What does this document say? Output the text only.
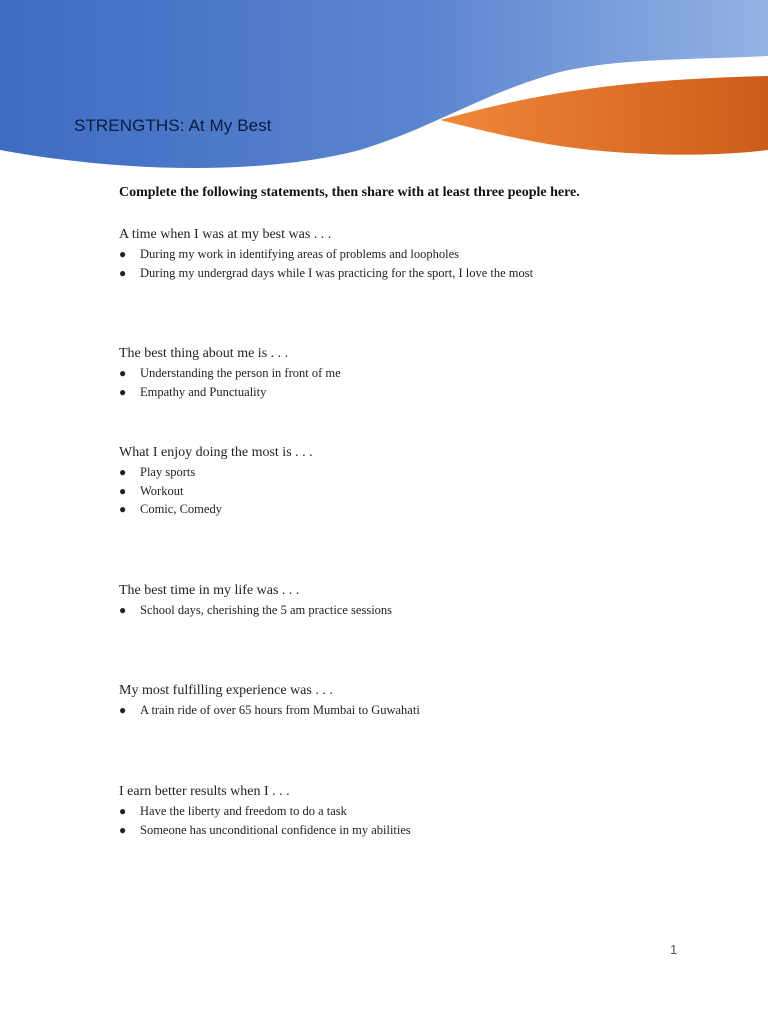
STRENGTHS: At My Best

Complete the following statements, then share with at least three people here.

A time when I was at my best was . . .

● During my work in identifying areas of problems and loopholes
● During my undergrad days while I was practicing for the sport, I love the most

The best thing about me is . . .

● Understanding the person in front of me
● Empathy and Punctuality

What I enjoy doing the most is . . .

● Play sports
● Workout
● Comic, Comedy

The best time in my life was . . .

● School days, cherishing the 5 am practice sessions

My most fulfilling experience was . . .

● A train ride of over 65 hours from Mumbai to Guwahati

I earn better results when I . . .

● Have the liberty and freedom to do a task
● Someone has unconditional confidence in my abilities
1
